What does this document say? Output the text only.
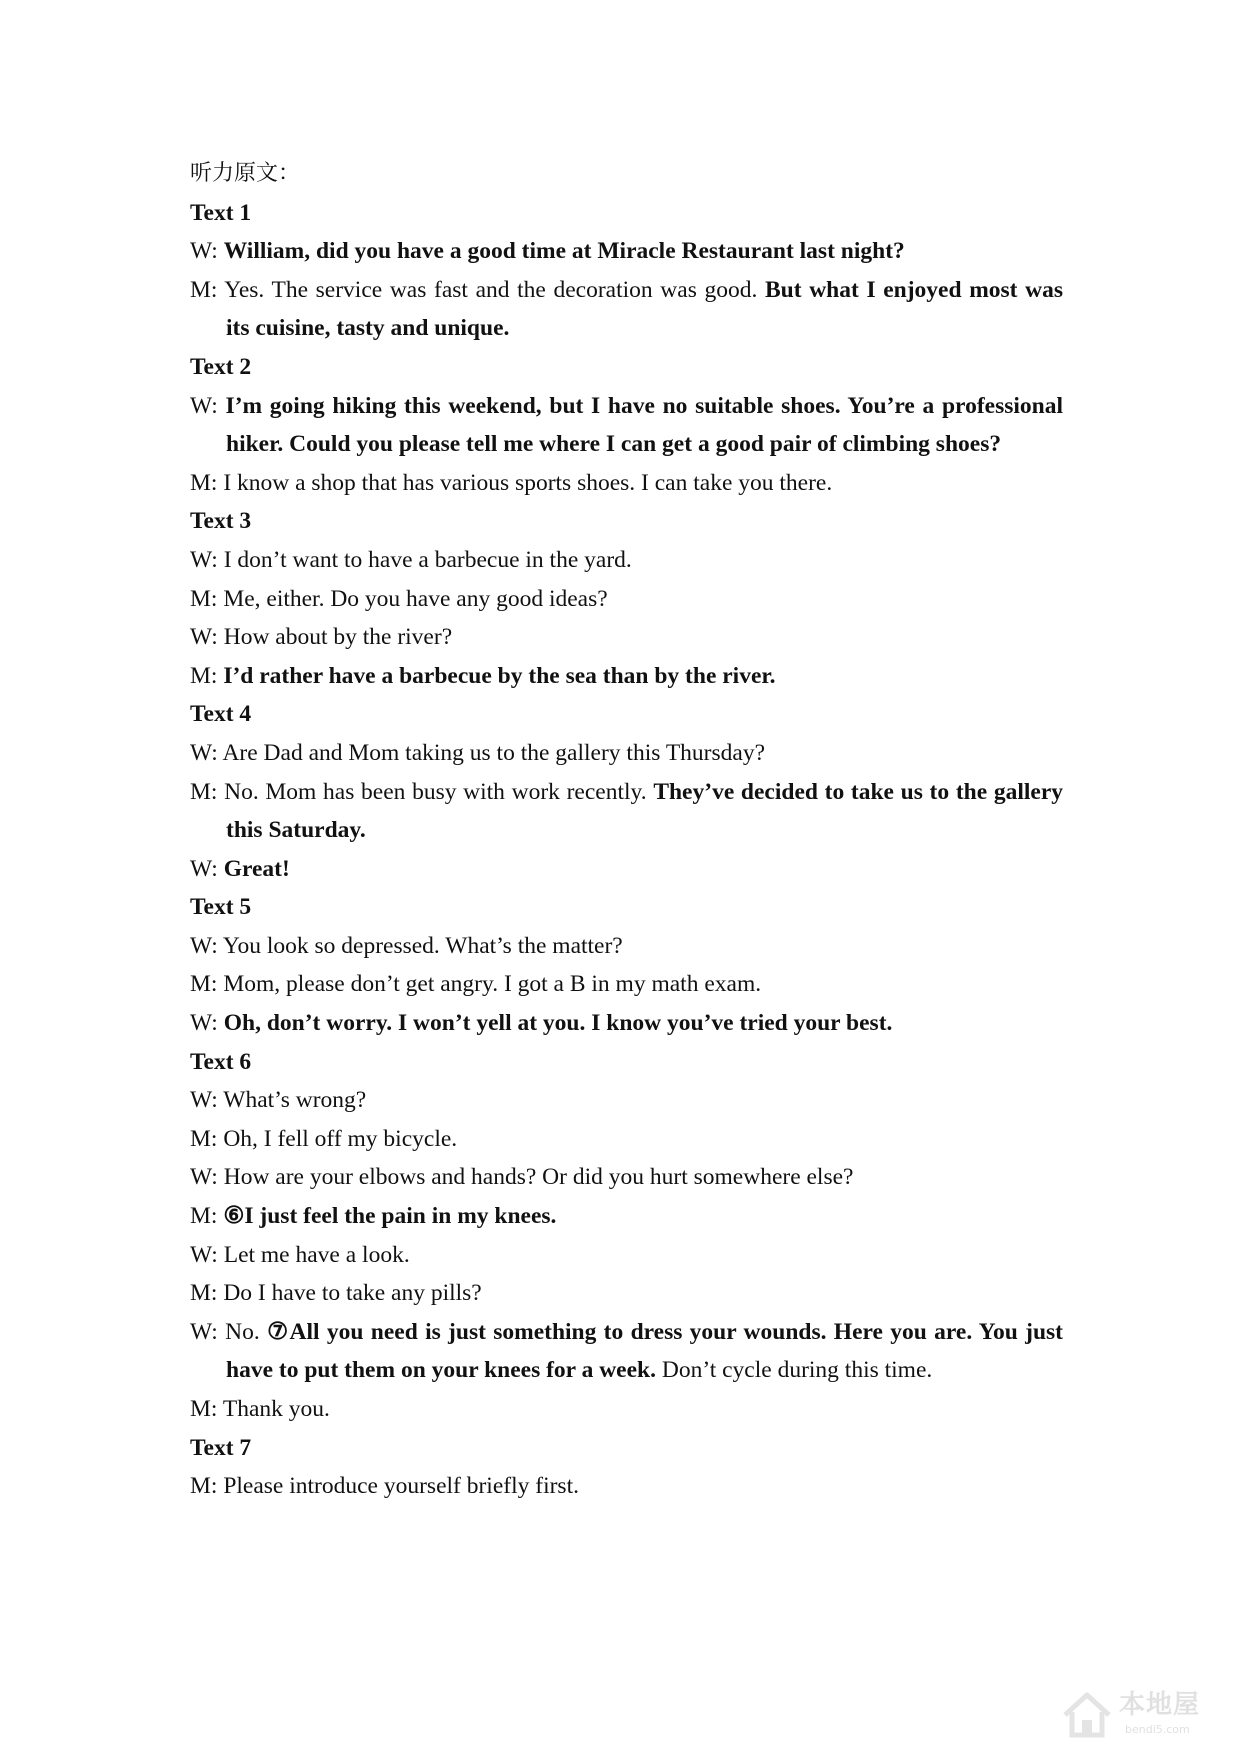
听力原文：
Text 1
W: William, did you have a good time at Miracle Restaurant last night?
M: Yes. The service was fast and the decoration was good. But what I enjoyed most was its cuisine, tasty and unique.
Text 2
W: I’m going hiking this weekend, but I have no suitable shoes. You’re a professional hiker. Could you please tell me where I can get a good pair of climbing shoes?
M: I know a shop that has various sports shoes. I can take you there.
Text 3
W: I don’t want to have a barbecue in the yard.
M: Me, either. Do you have any good ideas?
W: How about by the river?
M: I’d rather have a barbecue by the sea than by the river.
Text 4
W: Are Dad and Mom taking us to the gallery this Thursday?
M: No. Mom has been busy with work recently. They’ve decided to take us to the gallery this Saturday.
W: Great!
Text 5
W: You look so depressed. What’s the matter?
M: Mom, please don’t get angry. I got a B in my math exam.
W: Oh, don’t worry. I won’t yell at you. I know you’ve tried your best.
Text 6
W: What’s wrong?
M: Oh, I fell off my bicycle.
W: How are your elbows and hands? Or did you hurt somewhere else?
M: ⑥I just feel the pain in my knees.
W: Let me have a look.
M: Do I have to take any pills?
W: No. ⑦All you need is just something to dress your wounds. Here you are. You just have to put them on your knees for a week. Don’t cycle during this time.
M: Thank you.
Text 7
M: Please introduce yourself briefly first.
本地屋
bendi5.com
